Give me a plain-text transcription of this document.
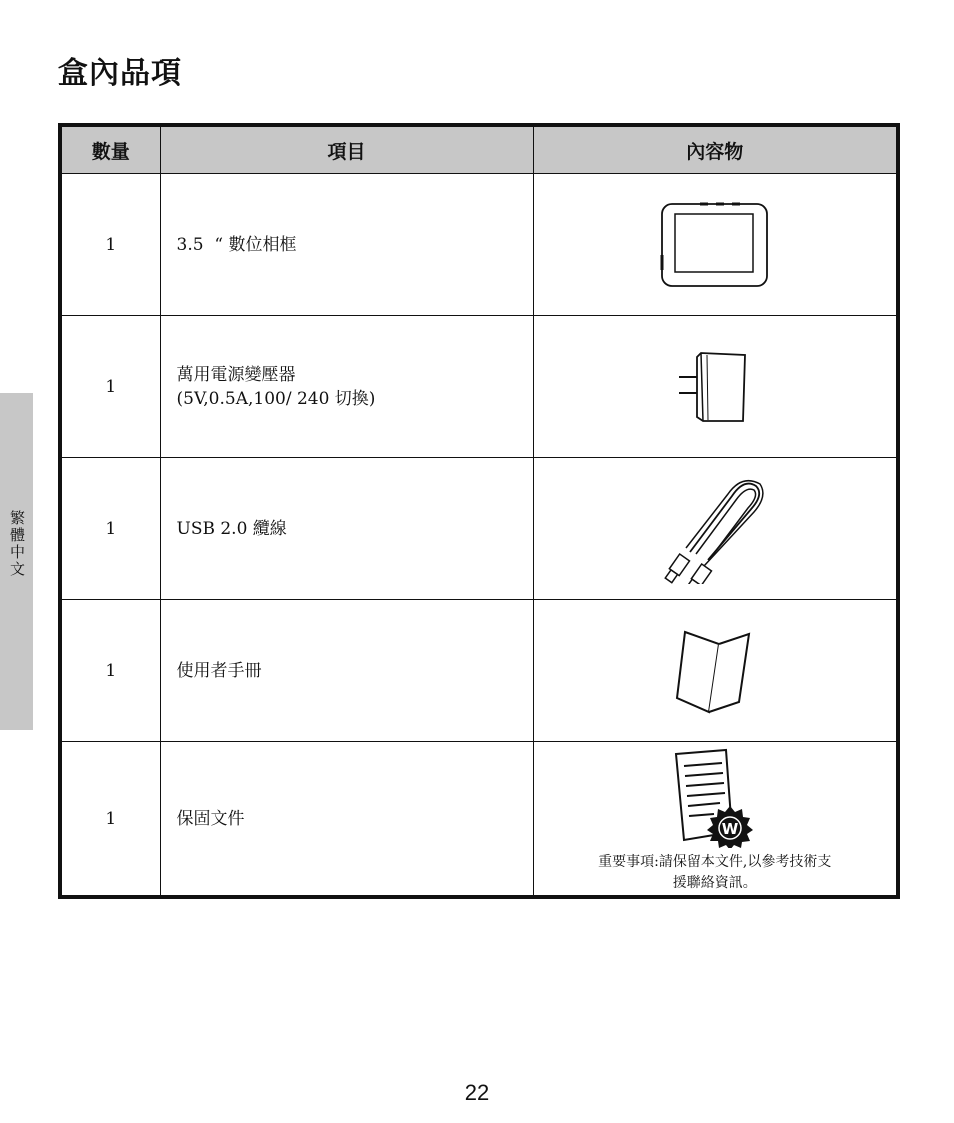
盒內品項
繁體中文
數量	項目	內容物
1	3.5  “ 數位相框

1	萬用電源變壓器
(5V,0.5A,100/ 240 切換)

1	USB 2.0 纜線

1	使用者手冊

1	保固文件	W
重要事項:請保留本文件,以參考技術支
援聯絡資訊。
22
